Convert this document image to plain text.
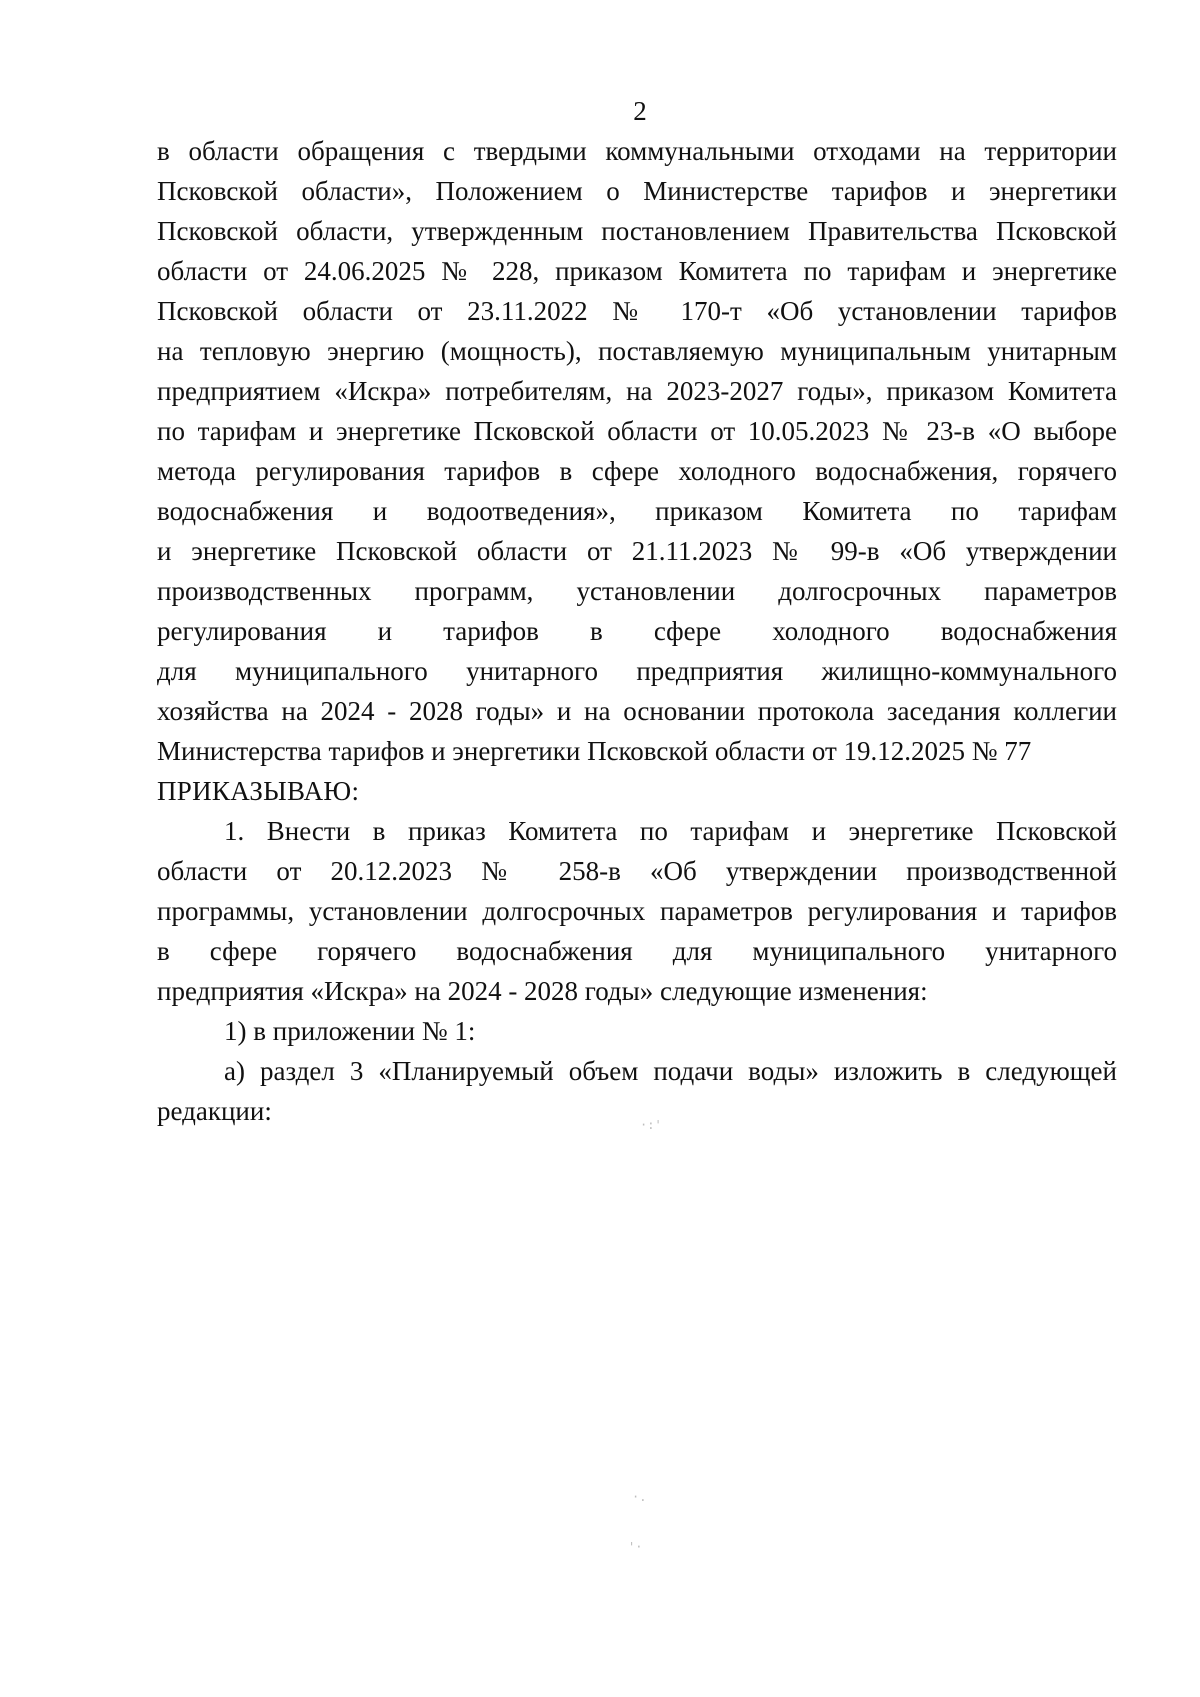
2
в области обращения с твердыми коммунальными отходами на территории
Псковской области», Положением о Министерстве тарифов и энергетики
Псковской области, утвержденным постановлением Правительства Псковской
области от 24.06.2025 № 228, приказом Комитета по тарифам и энергетике
Псковской области от 23.11.2022 № 170-т «Об установлении тарифов
на тепловую энергию (мощность), поставляемую муниципальным унитарным
предприятием «Искра» потребителям, на 2023-2027 годы», приказом Комитета
по тарифам и энергетике Псковской области от 10.05.2023 № 23-в «О выборе
метода регулирования тарифов в сфере холодного водоснабжения, горячего
водоснабжения и водоотведения», приказом Комитета по тарифам
и энергетике Псковской области от 21.11.2023 № 99-в «Об утверждении
производственных программ, установлении долгосрочных параметров
регулирования и тарифов в сфере холодного водоснабжения
для муниципального унитарного предприятия жилищно-коммунального
хозяйства на 2024 - 2028 годы» и на основании протокола заседания коллегии
Министерства тарифов и энергетики Псковской области от 19.12.2025 № 77
ПРИКАЗЫВАЮ:
1. Внести в приказ Комитета по тарифам и энергетике Псковской
области от 20.12.2023 № 258-в «Об утверждении производственной
программы, установлении долгосрочных параметров регулирования и тарифов
в сфере горячего водоснабжения для муниципального унитарного
предприятия «Искра» на 2024 - 2028 годы» следующие изменения:
1) в приложении № 1:
а) раздел 3 «Планируемый объем подачи воды» изложить в следующей
редакции:	·:'
·.
'·
